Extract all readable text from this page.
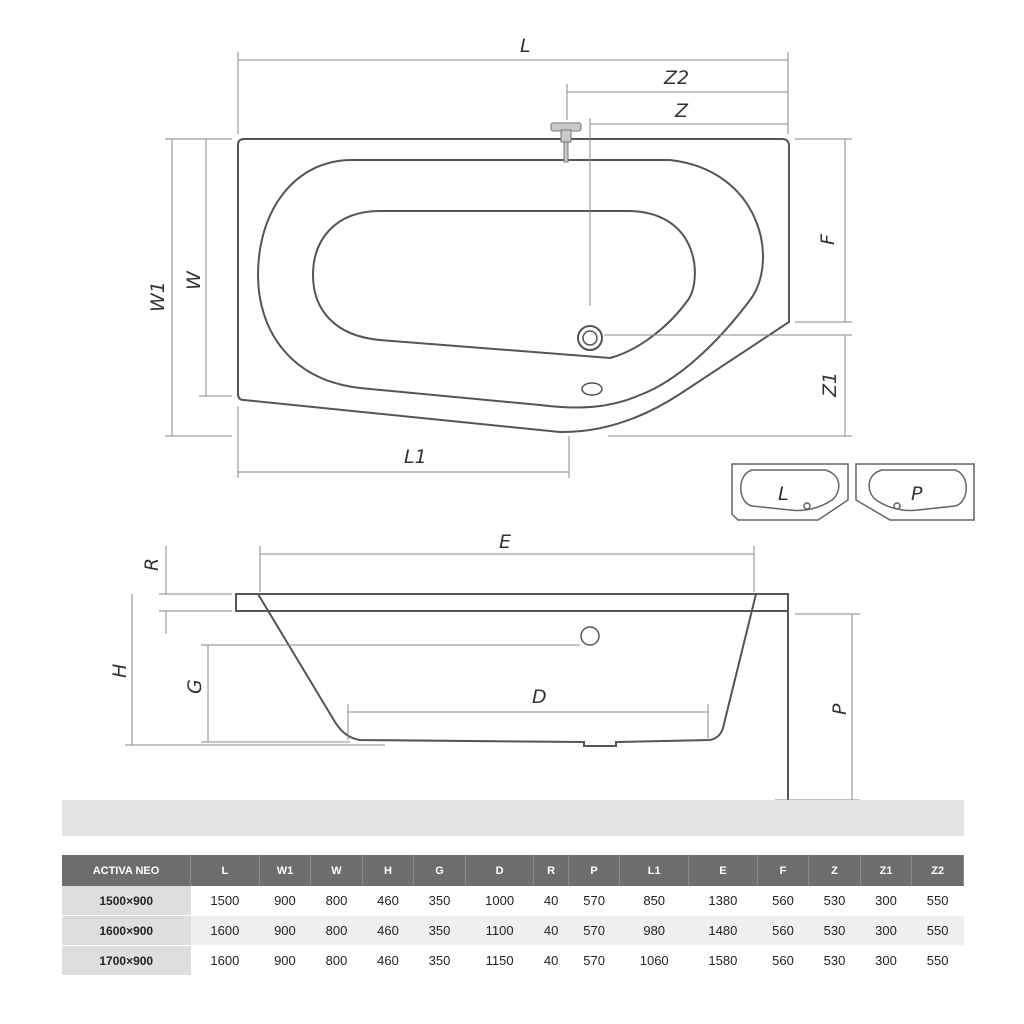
L
Z2
Z
W1
W
F
Z1
L1
L	P
E
R
H
G	D
P
ACTIVA NEO	L	W1	W	H	G	D	R	P	L1	E	F	Z	Z1	Z2
1500×900	1500	900	800	460	350	1000	40	570	850	1380	560	530	300	550
1600×900	1600	900	800	460	350	1100	40	570	980	1480	560	530	300	550
1700×900	1600	900	800	460	350	1150	40	570	1060	1580	560	530	300	550
